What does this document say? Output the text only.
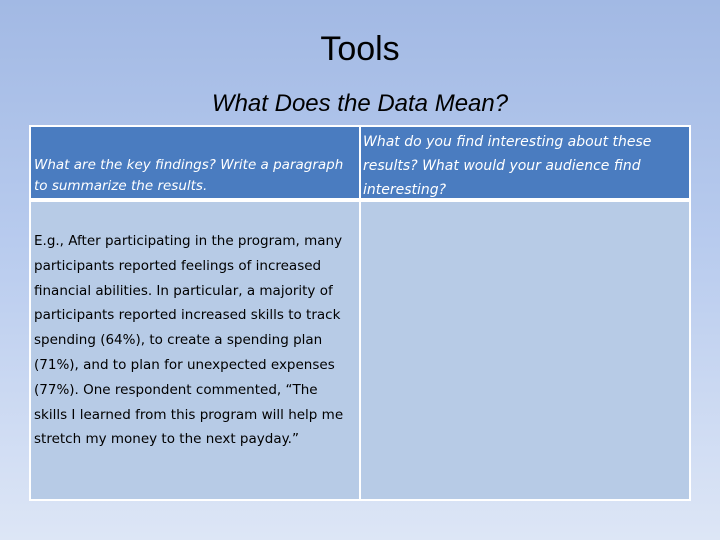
Tools
What Does the Data Mean?
What are the key findings? Write a paragraph to summarize the results.
What do you find interesting about these results? What would your audience find interesting?
E.g., After participating in the program, many participants reported feelings of increased financial abilities. In particular, a majority of participants reported increased skills to track spending (64%), to create a spending plan (71%), and to plan for unexpected expenses (77%). One respondent commented, “The skills I learned from this program will help me stretch my money to the next payday.”
